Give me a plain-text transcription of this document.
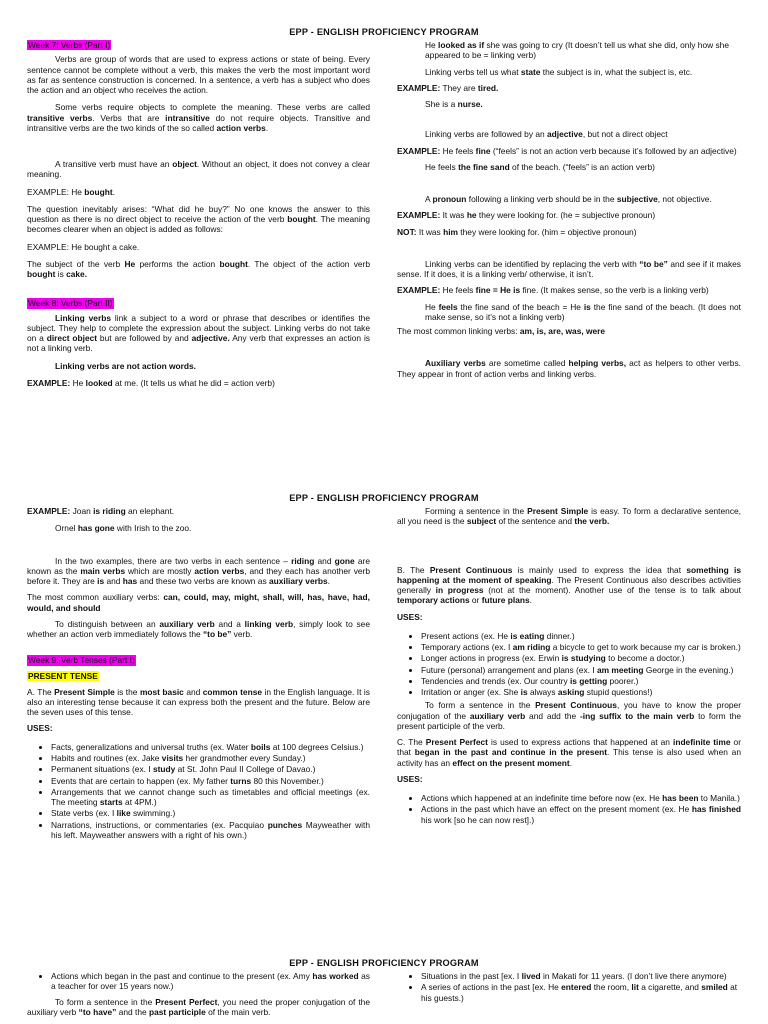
EPP - ENGLISH PROFICIENCY PROGRAM
Week 7: Verbs (Part I)

Verbs are group of words that are used to express actions or state of being. Every sentence cannot be complete without a verb, this makes the verb the most important word as far as sentence construction is concerned. In a sentence, a verb has a subject who does the action and an object who receives the action.

Some verbs require objects to complete the meaning. These verbs are called transitive verbs. Verbs that are intransitive do not require objects. Transitive and intransitive verbs are the two kinds of the so called action verbs.

A transitive verb must have an object. Without an object, it does not convey a clear meaning.

EXAMPLE: He bought.

The question inevitably arises: “What did he buy?” No one knows the answer to this question as there is no direct object to receive the action of the verb bought. The meaning becomes clearer when an object is added as follows:

EXAMPLE: He bought a cake.

The subject of the verb He performs the action bought. The object of the action verb bought is cake.

Week 8: Verbs (Part II)

Linking verbs link a subject to a word or phrase that describes or identifies the subject. They help to complete the expression about the subject. Linking verbs do not take on a direct object but are followed by and adjective. Any verb that expresses an action is not a linking verb.

Linking verbs are not action words.

EXAMPLE: He looked at me. (It tells us what he did = action verb)

He looked as if she was going to cry (It doesn’t tell us what she did, only how she appeared to be = linking verb)

Linking verbs tell us what state the subject is in, what the subject is, etc.

EXAMPLE: They are tired.

She is a nurse.

Linking verbs are followed by an adjective, but not a direct object

EXAMPLE: He feels fine (“feels” is not an action verb because it’s followed by an adjective)

He feels the fine sand of the beach. (“feels” is an action verb)

A pronoun following a linking verb should be in the subjective, not objective.

EXAMPLE: It was he they were looking for. (he = subjective pronoun)

NOT: It was him they were looking for. (him = objective pronoun)

Linking verbs can be identified by replacing the verb with “to be” and see if it makes sense. If it does, it is a linking verb/ otherwise, it isn’t.

EXAMPLE: He feels fine = He is fine. (It makes sense, so the verb is a linking verb)

He feels the fine sand of the beach = He is the fine sand of the beach. (It does not make sense, so it’s not a linking verb)

The most common linking verbs: am, is, are, was, were

Auxiliary verbs are sometime called helping verbs, act as helpers to other verbs. They appear in front of action verbs and linking verbs.

EPP - ENGLISH PROFICIENCY PROGRAM

EXAMPLE: Joan is riding an elephant.

Ornel has gone with Irish to the zoo.

In the two examples, there are two verbs in each sentence – riding and gone are known as the main verbs which are mostly action verbs, and they each has another verb before it. They are is and has and these two verbs are known as auxiliary verbs.

The most common auxiliary verbs: can, could, may, might, shall, will, has, have, had, would, and should

To distinguish between an auxiliary verb and a linking verb, simply look to see whether an action verb immediately follows the “to be” verb.

Week 9: Verb Tenses (Part I)
PRESENT TENSE

A. The Present Simple is the most basic and common tense in the English language. It is also an interesting tense because it can express both the present and the future. Below are the seven uses of this tense.

USES:

• Facts, generalizations and universal truths (ex. Water boils at 100 degrees Celsius.)
• Habits and routines (ex. Jake visits her grandmother every Sunday.)
• Permanent situations (ex. I study at St. John Paul II College of Davao.)
• Events that are certain to happen (ex. My father turns 80 this November.)
• Arrangements that we cannot change such as timetables and official meetings (ex. The meeting starts at 4PM.)
• State verbs (ex. I like swimming.)
• Narrations, instructions, or commentaries (ex. Pacquiao punches Mayweather with his left. Mayweather answers with a right of his own.)

Forming a sentence in the Present Simple is easy. To form a declarative sentence, all you need is the subject of the sentence and the verb.

B. The Present Continuous is mainly used to express the idea that something is happening at the moment of speaking. The Present Continuous also describes activities generally in progress (not at the moment). Another use of the tense is to talk about temporary actions or future plans.

USES:

• Present actions (ex. He is eating dinner.)
• Temporary actions (ex. I am riding a bicycle to get to work because my car is broken.)
• Longer actions in progress (ex. Erwin is studying to become a doctor.)
• Future (personal) arrangement and plans (ex. I am meeting George in the evening.)
• Tendencies and trends (ex. Our country is getting poorer.)
• Irritation or anger (ex. She is always asking stupid questions!)

To form a sentence in the Present Continuous, you have to know the proper conjugation of the auxiliary verb and add the -ing suffix to the main verb to form the present participle of the verb.

C. The Present Perfect is used to express actions that happened at an indefinite time or that began in the past and continue in the present. This tense is also used when an activity has an effect on the present moment.

USES:

• Actions which happened at an indefinite time before now (ex. He has been to Manila.)
• Actions in the past which have an effect on the present moment (ex. He has finished his work [so he can now rest].)
EPP - ENGLISH PROFICIENCY PROGRAM
• Actions which began in the past and continue to the present (ex. Amy has worked as a teacher for over 15 years now.)

To form a sentence in the Present Perfect, you need the proper conjugation of the auxiliary verb “to have” and the past participle of the main verb.

• Situations in the past [ex. I lived in Makati for 11 years. (I don’t live there anymore)
• A series of actions in the past [ex. He entered the room, lit a cigarette, and smiled at his guests.)
